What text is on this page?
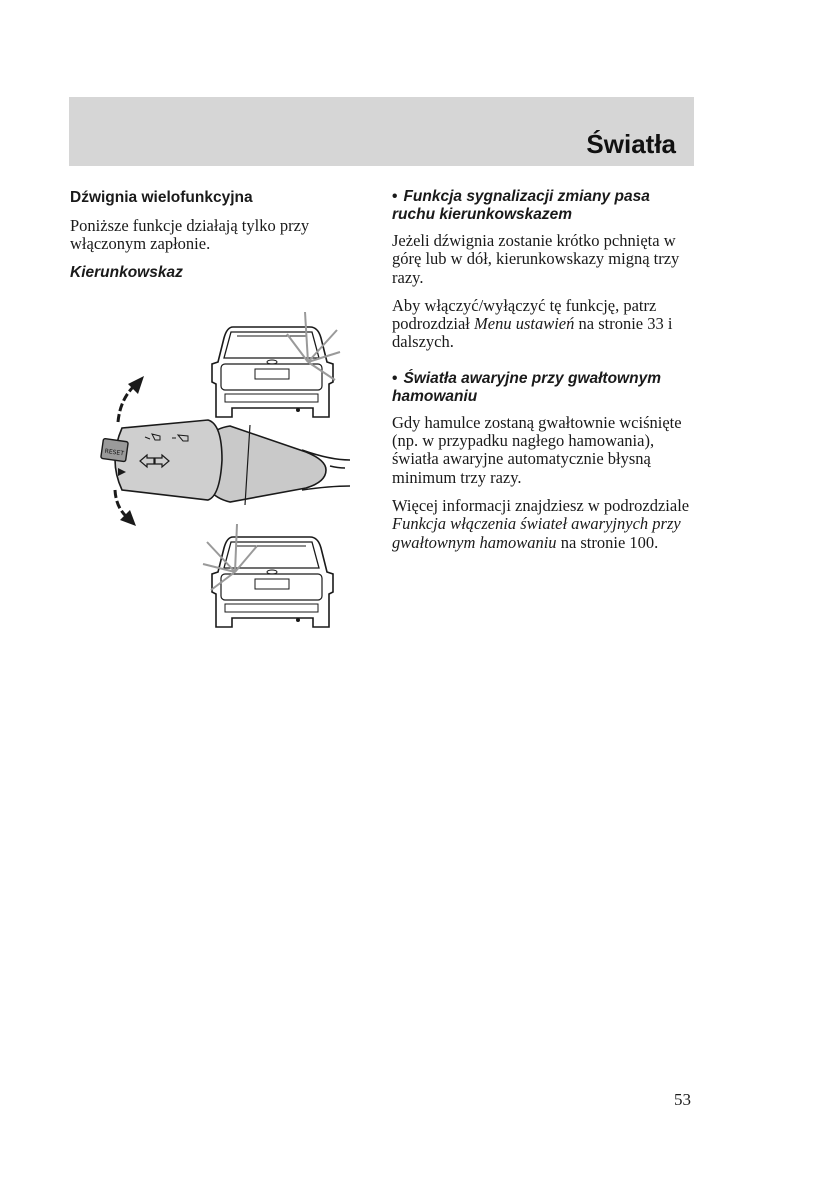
Światła
Dźwignia wielofunkcyjna

Poniższe funkcje działają tylko przy włączonym zapłonie.

Kierunkowskaz
RESET
• Funkcja sygnalizacji zmiany pasa ruchu kierunkowskazem

Jeżeli dźwignia zostanie krótko pchnięta w górę lub w dół, kierunkowskazy migną trzy razy.

Aby włączyć/wyłączyć tę funkcję, patrz podrozdział Menu ustawień na stronie 33 i dalszych.

• Światła awaryjne przy gwałtownym hamowaniu

Gdy hamulce zostaną gwałtownie wciśnięte (np. w przypadku nagłego hamowania), światła awaryjne automatycznie błysną minimum trzy razy.

Więcej informacji znajdziesz w podrozdziale Funkcja włączenia świateł awaryjnych przy gwałtownym hamowaniu na stronie 100.

53
